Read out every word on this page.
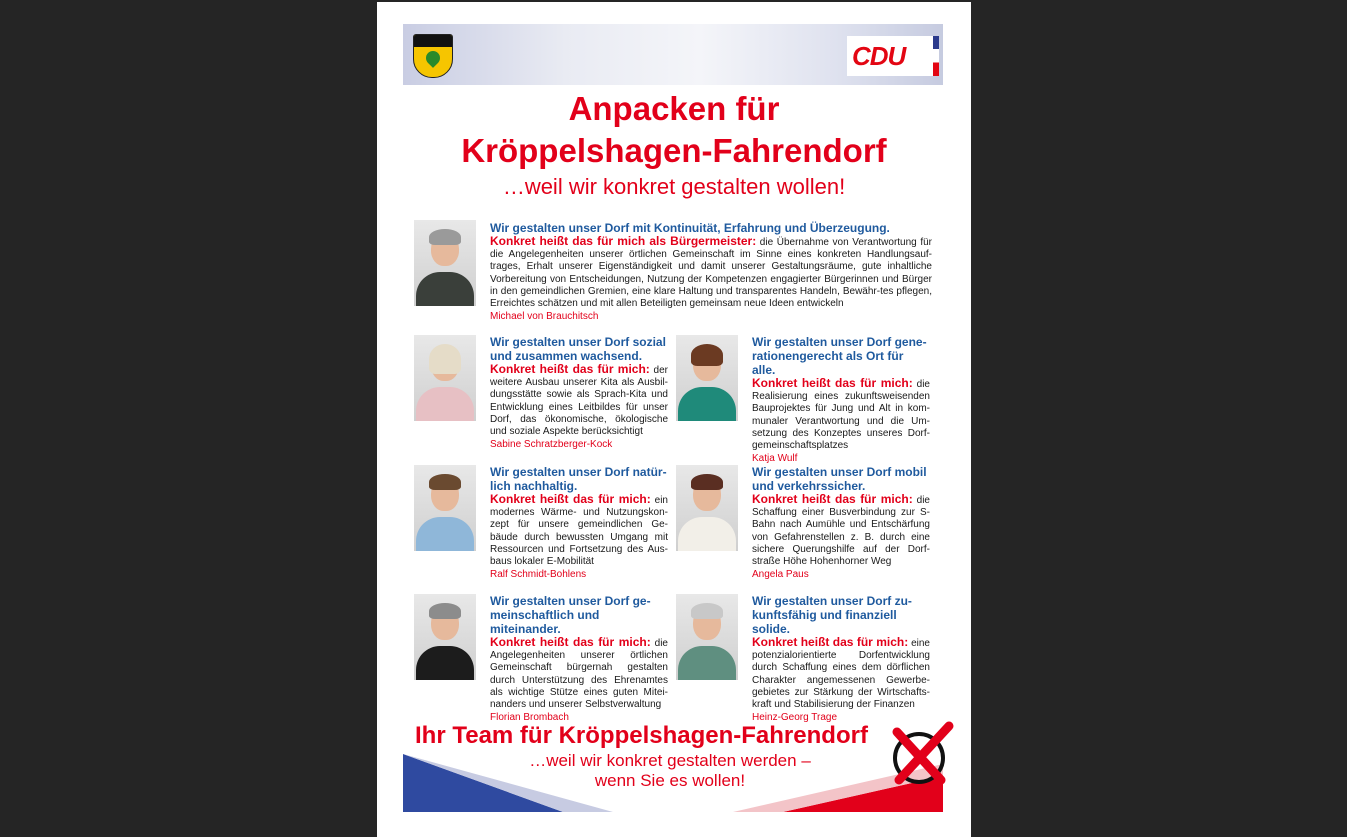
CDU
Anpacken für
Kröppelshagen-Fahrendorf
…weil wir konkret gestalten wollen!
Wir gestalten unser Dorf mit Kontinuität, Erfahrung und Überzeugung.
Konkret heißt das für mich als Bürgermeister: die Übernahme von Verantwortung für die Angelegenheiten unserer örtlichen Gemeinschaft im Sinne eines konkreten Handlungsauf-trages, Erhalt unserer Eigenständigkeit und damit unserer Gestaltungsräume, gute inhaltliche Vorbereitung von Entscheidungen, Nutzung der Kompetenzen engagierter Bürgerinnen und Bürger in den gemeindlichen Gremien, eine klare Haltung und transparentes Handeln, Bewähr-tes pflegen, Erreichtes schätzen und mit allen Beteiligten gemeinsam neue Ideen entwickeln
Michael von Brauchitsch
Wir gestalten unser Dorf sozial und zusammen wachsend.
Konkret heißt das für mich: der weitere Ausbau unserer Kita als Ausbil-dungsstätte sowie als Sprach-Kita und Entwicklung eines Leitbildes für unser Dorf, das ökonomische, ökologische und soziale Aspekte berücksichtigt
Sabine Schratzberger-Kock
Wir gestalten unser Dorf gene-rationengerecht als Ort für alle.
Konkret heißt das für mich: die Realisierung eines zukunftsweisenden Bauprojektes für Jung und Alt in kom-munaler Verantwortung und die Um-setzung des Konzeptes unseres Dorf-gemeinschaftsplatzes
Katja Wulf
Wir gestalten unser Dorf natür-lich nachhaltig.
Konkret heißt das für mich: ein modernes Wärme- und Nutzungskon-zept für unsere gemeindlichen Ge-bäude durch bewussten Umgang mit Ressourcen und Fortsetzung des Aus-baus lokaler E-Mobilität
Ralf Schmidt-Bohlens
Wir gestalten unser Dorf mobil und verkehrssicher.
Konkret heißt das für mich: die Schaffung einer Busverbindung zur S-Bahn nach Aumühle und Entschärfung von Gefahrenstellen z. B. durch eine sichere Querungshilfe auf der Dorf-straße Höhe Hohenhorner Weg
Angela Paus
Wir gestalten unser Dorf ge-meinschaftlich und miteinander.
Konkret heißt das für mich: die Angelegenheiten unserer örtlichen Gemeinschaft bürgernah gestalten durch Unterstützung des Ehrenamtes als wichtige Stütze eines guten Mitei-nanders und unserer Selbstverwaltung
Florian Brombach
Wir gestalten unser Dorf zu-kunftsfähig und finanziell solide.
Konkret heißt das für mich: eine potenzialorientierte Dorfentwicklung durch Schaffung eines dem dörflichen Charakter angemessenen Gewerbe-gebietes zur Stärkung der Wirtschafts-kraft und Stabilisierung der Finanzen
Heinz-Georg Trage
Ihr Team für Kröppelshagen-Fahrendorf
…weil wir konkret gestalten werden –
wenn Sie es wollen!
